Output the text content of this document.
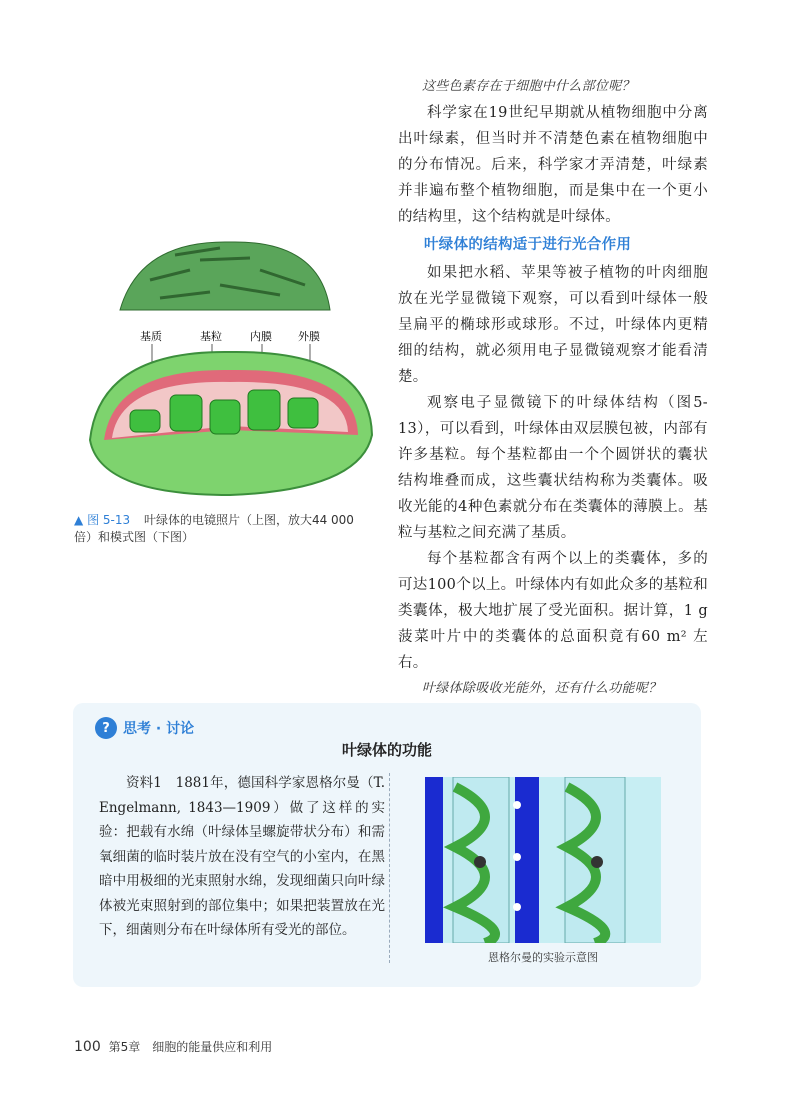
这些色素存在于细胞中什么部位呢？

科学家在19世纪早期就从植物细胞中分离出叶绿素，但当时并不清楚色素在植物细胞中的分布情况。后来，科学家才弄清楚，叶绿素并非遍布整个植物细胞，而是集中在一个更小的结构里，这个结构就是叶绿体。

叶绿体的结构适于进行光合作用

如果把水稻、苹果等被子植物的叶肉细胞放在光学显微镜下观察，可以看到叶绿体一般呈扁平的椭球形或球形。不过，叶绿体内更精细的结构，就必须用电子显微镜观察才能看清楚。

观察电子显微镜下的叶绿体结构（图5-13），可以看到，叶绿体由双层膜包被，内部有许多基粒。每个基粒都由一个个圆饼状的囊状结构堆叠而成，这些囊状结构称为类囊体。吸收光能的4种色素就分布在类囊体的薄膜上。基粒与基粒之间充满了基质。

每个基粒都含有两个以上的类囊体，多的可达100个以上。叶绿体内有如此众多的基粒和类囊体，极大地扩展了受光面积。据计算，1 g菠菜叶片中的类囊体的总面积竟有60 m² 左右。

叶绿体除吸收光能外，还有什么功能呢？

基质	基粒	内膜 外膜
▲ 图 5-13 叶绿体的电镜照片（上图，放大44 000倍）和模式图（下图）
? 思考 · 讨论
叶绿体的功能

资料1　1881年，德国科学家恩格尔曼（T. Engelmann, 1843—1909）做了这样的实验：把载有水绵（叶绿体呈螺旋带状分布）和需氧细菌的临时装片放在没有空气的小室内，在黑暗中用极细的光束照射水绵，发现细菌只向叶绿体被光束照射到的部位集中；如果把装置放在光下，细菌则分布在叶绿体所有受光的部位。

恩格尔曼的实验示意图
100 第5章　细胞的能量供应和利用
